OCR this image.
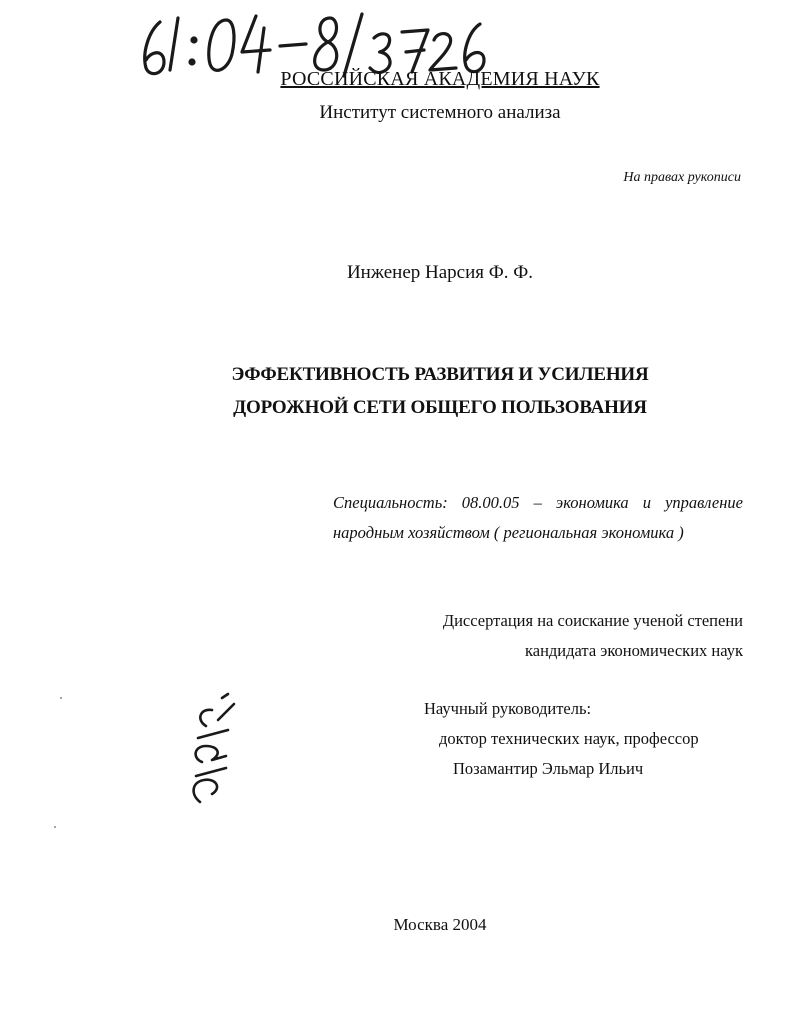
РОССИЙСКАЯ АКАДЕМИЯ НАУК
Институт системного анализа
На правах рукописи
Инженер Нарсия Ф. Ф.
ЭФФЕКТИВНОСТЬ РАЗВИТИЯ И УСИЛЕНИЯ
ДОРОЖНОЙ СЕТИ ОБЩЕГО ПОЛЬЗОВАНИЯ
Специальность: 08.00.05 – экономика и управление
народным хозяйством ( региональная экономика )
Диссертация на соискание ученой степени
кандидата экономических наук
Научный руководитель:
доктор технических наук, профессор
Позамантир Эльмар Ильич
Москва 2004
